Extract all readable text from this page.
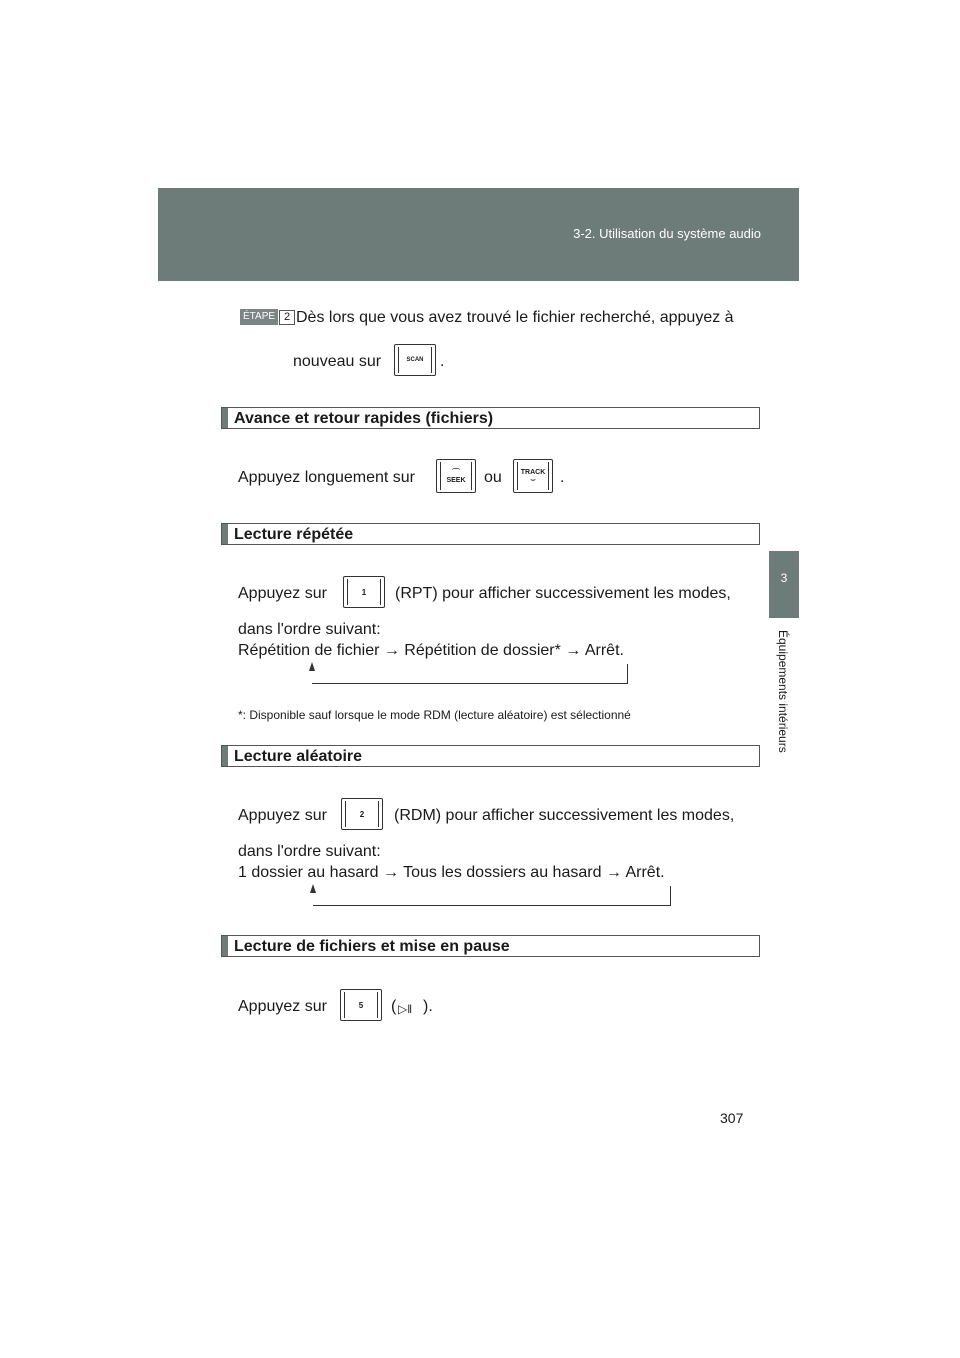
3-2. Utilisation du système audio
3
Équipements intérieurs
ÉTAPE 2 Dès lors que vous avez trouvé le fichier recherché, appuyez à
nouveau sur	SCAN .
Avance et retour rapides (fichiers)
Appuyez longuement sur	⌒
SEEK ou	TRACK
⌣ .
Lecture répétée
Appuyez sur	1 (RPT) pour afficher successivement les modes,
dans l'ordre suivant:
Répétition de fichier → Répétition de dossier* → Arrêt.
*: Disponible sauf lorsque le mode RDM (lecture aléatoire) est sélectionné
Lecture aléatoire
Appuyez sur	2 (RDM) pour afficher successivement les modes,
dans l'ordre suivant:
1 dossier au hasard → Tous les dossiers au hasard → Arrêt.
Lecture de fichiers et mise en pause
Appuyez sur	5 ( ▷‖ ).
307
